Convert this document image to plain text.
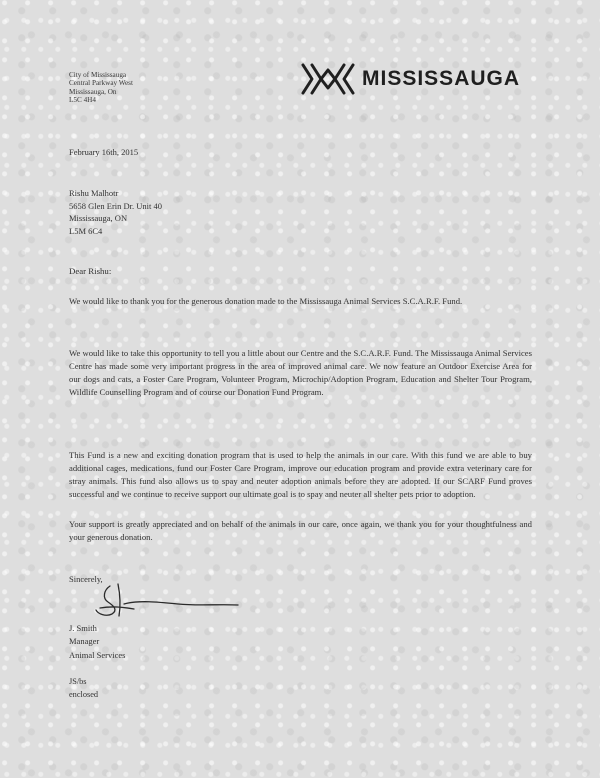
City of Mississauga
Central Parkway West
Mississauga, On
L5C 4H4
MISSISSAUGA
February 16th, 2015
Rishu Malhotr
5658 Glen Erin Dr. Unit 40
Mississauga, ON
L5M 6C4
Dear Rishu:

We would like to thank you for the generous donation made to the Mississauga Animal Services S.C.A.R.F. Fund.

We would like to take this opportunity to tell you a little about our Centre and the S.C.A.R.F. Fund. The Mississauga Animal Services Centre has made some very important progress in the area of improved animal care. We now feature an Outdoor Exercise Area for our dogs and cats, a Foster Care Program, Volunteer Program, Microchip/Adoption Program, Education and Shelter Tour Program, Wildlife Counselling Program and of course our Donation Fund Program.

This Fund is a new and exciting donation program that is used to help the animals in our care. With this fund we are able to buy additional cages, medications, fund our Foster Care Program, improve our education program and provide extra veterinary care for stray animals. This fund also allows us to spay and neuter adoption animals before they are adopted. If our SCARF Fund proves successful and we continue to receive support our ultimate goal is to spay and neuter all shelter pets prior to adoption.

Your support is greatly appreciated and on behalf of the animals in our care, once again, we thank you for your thoughtfulness and your generous donation.

Sincerely,
J. Smith
Manager
Animal Services
JS/bs
enclosed
